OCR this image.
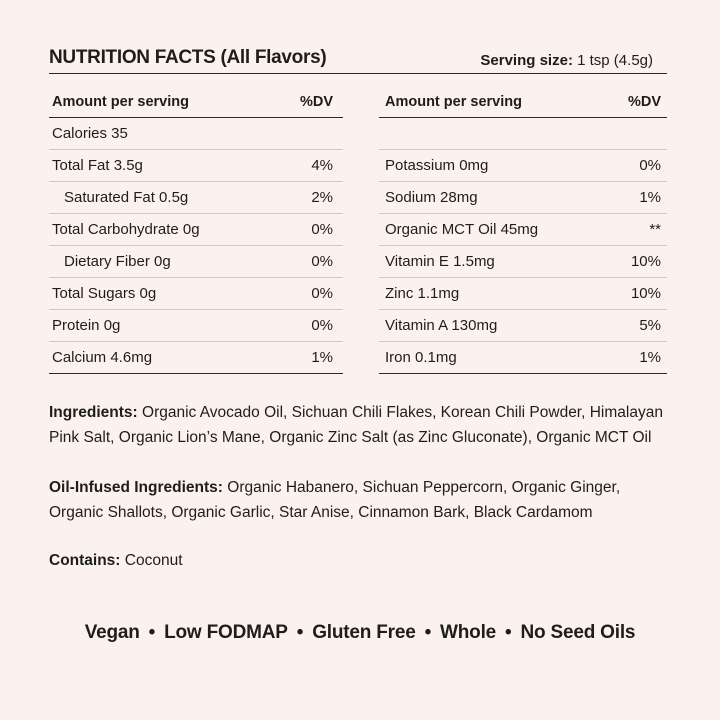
NUTRITION FACTS (All Flavors)	Serving size: 1 tsp (4.5g)
Amount per serving	%DV
Calories 35
Total Fat 3.5g	4%
Saturated Fat 0.5g	2%
Total Carbohydrate 0g	0%
Dietary Fiber 0g	0%
Total Sugars 0g	0%
Protein 0g	0%
Calcium 4.6mg	1%
Amount per serving	%DV
Potassium 0mg	0%
Sodium 28mg	1%
Organic MCT Oil 45mg	**
Vitamin E 1.5mg	10%
Zinc 1.1mg	10%
Vitamin A 130mg	5%
Iron 0.1mg	1%
Ingredients: Organic Avocado Oil, Sichuan Chili Flakes, Korean Chili Powder, Himalayan Pink Salt, Organic Lion’s Mane, Organic Zinc Salt (as Zinc Gluconate), Organic MCT Oil
Oil-Infused Ingredients: Organic Habanero, Sichuan Peppercorn, Organic Ginger, Organic Shallots, Organic Garlic, Star Anise, Cinnamon Bark, Black Cardamom
Contains: Coconut
Vegan • Low FODMAP • Gluten Free • Whole • No Seed Oils
